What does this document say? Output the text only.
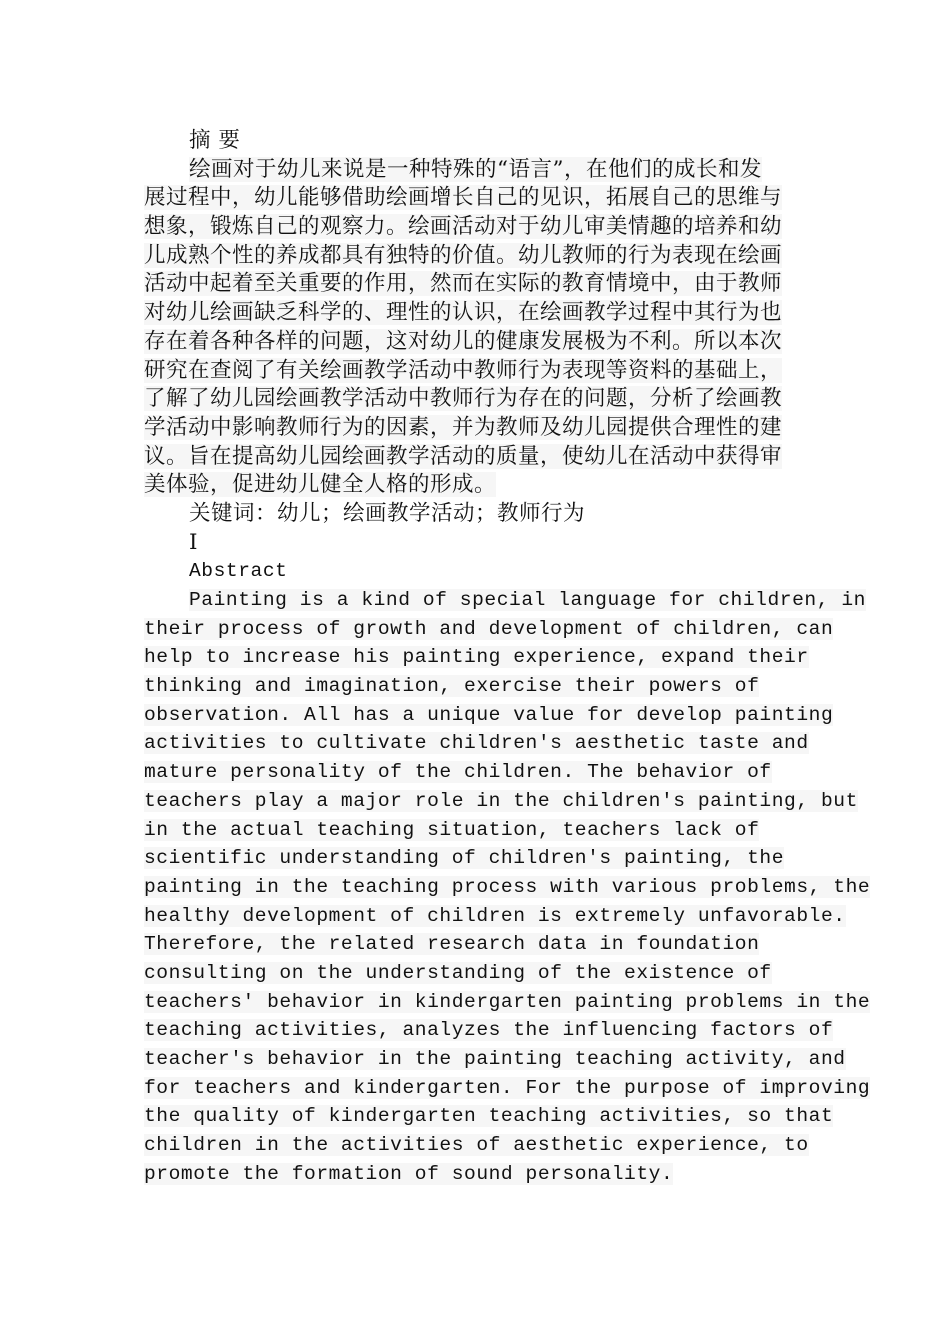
摘 要
绘画对于幼儿来说是一种特殊的“语言”，在他们的成长和发
展过程中，幼儿能够借助绘画增长自己的见识，拓展自己的思维与
想象，锻炼自己的观察力。绘画活动对于幼儿审美情趣的培养和幼
儿成熟个性的养成都具有独特的价值。幼儿教师的行为表现在绘画
活动中起着至关重要的作用，然而在实际的教育情境中，由于教师
对幼儿绘画缺乏科学的、理性的认识，在绘画教学过程中其行为也
存在着各种各样的问题，这对幼儿的健康发展极为不利。所以本次
研究在查阅了有关绘画教学活动中教师行为表现等资料的基础上，
了解了幼儿园绘画教学活动中教师行为存在的问题，分析了绘画教
学活动中影响教师行为的因素，并为教师及幼儿园提供合理性的建
议。旨在提高幼儿园绘画教学活动的质量，使幼儿在活动中获得审
美体验，促进幼儿健全人格的形成。
关键词：幼儿；绘画教学活动；教师行为
I
Abstract
Painting is a kind of special language for children, in
their process of growth and development of children, can
help to increase his painting experience, expand their
thinking and imagination, exercise their powers of
observation. All has a unique value for develop painting
activities to cultivate children's aesthetic taste and
mature personality of the children. The behavior of
teachers play a major role in the children's painting, but
in the actual teaching situation, teachers lack of
scientific understanding of children's painting, the
painting in the teaching process with various problems, the
healthy development of children is extremely unfavorable.
Therefore, the related research data in foundation
consulting on the understanding of the existence of
teachers' behavior in kindergarten painting problems in the
teaching activities, analyzes the influencing factors of
teacher's behavior in the painting teaching activity, and
for teachers and kindergarten. For the purpose of improving
the quality of kindergarten teaching activities, so that
children in the activities of aesthetic experience, to
promote the formation of sound personality.
